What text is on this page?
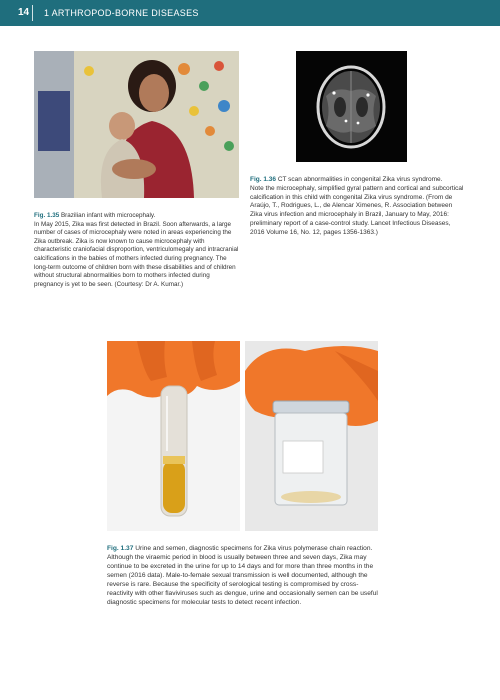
14 1 ARTHROPOD-BORNE DISEASES

Fig. 1.36 CT scan abnormalities in congenital Zika virus syndrome.

Note the microcephaly, simplified gyral pattern and cortical and subcortical calcification in this child with congenital Zika virus syndrome. (From de Araújo, T., Rodrigues, L., de Alencar Ximenes, R. Association between Zika virus infection and microcephaly in Brazil, January to May, 2016: preliminary report of a case-control study. Lancet Infectious Diseases, 2016 Volume 16, No. 12, pages 1356-1363.)

Fig. 1.35 Brazilian infant with microcephaly.

In May 2015, Zika was first detected in Brazil. Soon afterwards, a large number of cases of microcephaly were noted in areas experiencing the Zika outbreak. Zika is now known to cause microcephaly with characteristic craniofacial disproportion, ventriculomegaly and intracranial calcifications in the babies of mothers infected during pregnancy. The long-term outcome of children born with these disabilities and of children without structural abnormalities born to mothers infected during pregnancy is yet to be seen. (Courtesy: Dr A. Kumar.)

Fig. 1.37 Urine and semen, diagnostic specimens for Zika virus polymerase chain reaction.

Although the viraemic period in blood is usually between three and seven days, Zika may continue to be excreted in the urine for up to 14 days and for more than three months in the semen (2016 data). Male-to-female sexual transmission is well documented, although the reverse is rare. Because the specificity of serological testing is compromised by cross-reactivity with other flaviviruses such as dengue, urine and occasionally semen can be useful diagnostic specimens for molecular tests to detect recent infection.
